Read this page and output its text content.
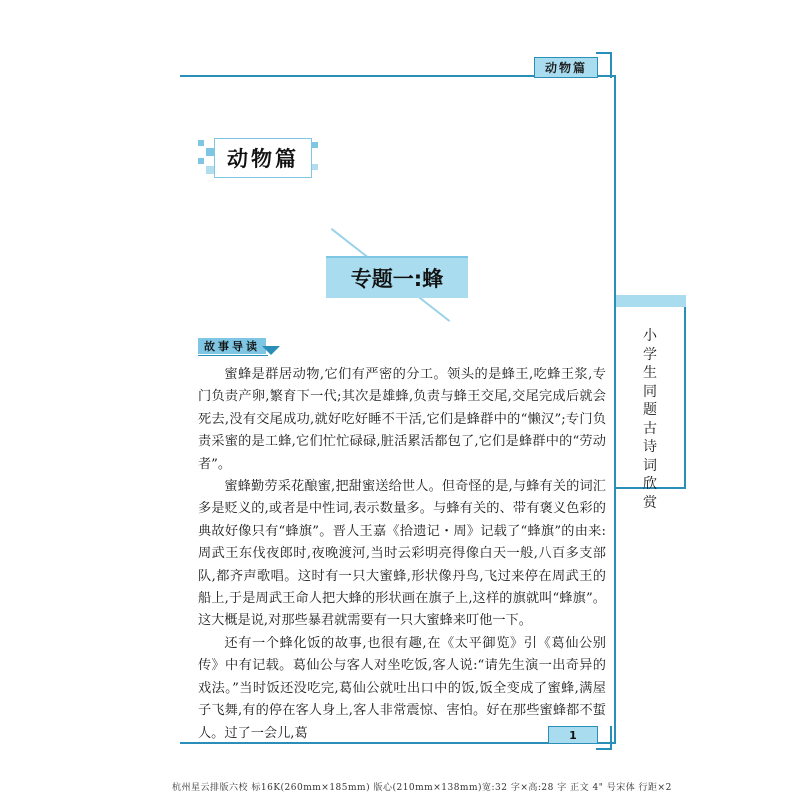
动物篇
动物篇
专题一:蜂
小学生同题古诗词欣赏
故事导读

蜜蜂是群居动物,它们有严密的分工。领头的是蜂王,吃蜂王浆,专门负责产卵,繁育下一代;其次是雄蜂,负责与蜂王交尾,交尾完成后就会死去,没有交尾成功,就好吃好睡不干活,它们是蜂群中的“懒汉”;专门负责采蜜的是工蜂,它们忙忙碌碌,脏活累活都包了,它们是蜂群中的“劳动者”。

蜜蜂勤劳采花酿蜜,把甜蜜送给世人。但奇怪的是,与蜂有关的词汇多是贬义的,或者是中性词,表示数量多。与蜂有关的、带有褒义色彩的典故好像只有“蜂旗”。晋人王嘉《拾遗记・周》记载了“蜂旗”的由来:周武王东伐夜郎时,夜晚渡河,当时云彩明亮得像白天一般,八百多支部队,都齐声歌唱。这时有一只大蜜蜂,形状像丹鸟,飞过来停在周武王的船上,于是周武王命人把大蜂的形状画在旗子上,这样的旗就叫“蜂旗”。这大概是说,对那些暴君就需要有一只大蜜蜂来叮他一下。

还有一个蜂化饭的故事,也很有趣,在《太平御览》引《葛仙公别传》中有记载。葛仙公与客人对坐吃饭,客人说:“请先生演一出奇异的戏法。”当时饭还没吃完,葛仙公就吐出口中的饭,饭全变成了蜜蜂,满屋子飞舞,有的停在客人身上,客人非常震惊、害怕。好在那些蜜蜂都不蜇人。过了一会儿,葛	1
杭州星云排版六校 标16K(260mm×185mm) 版心(210mm×138mm)宽:32 字×高:28 字 正文 4" 号宋体 行距×2
